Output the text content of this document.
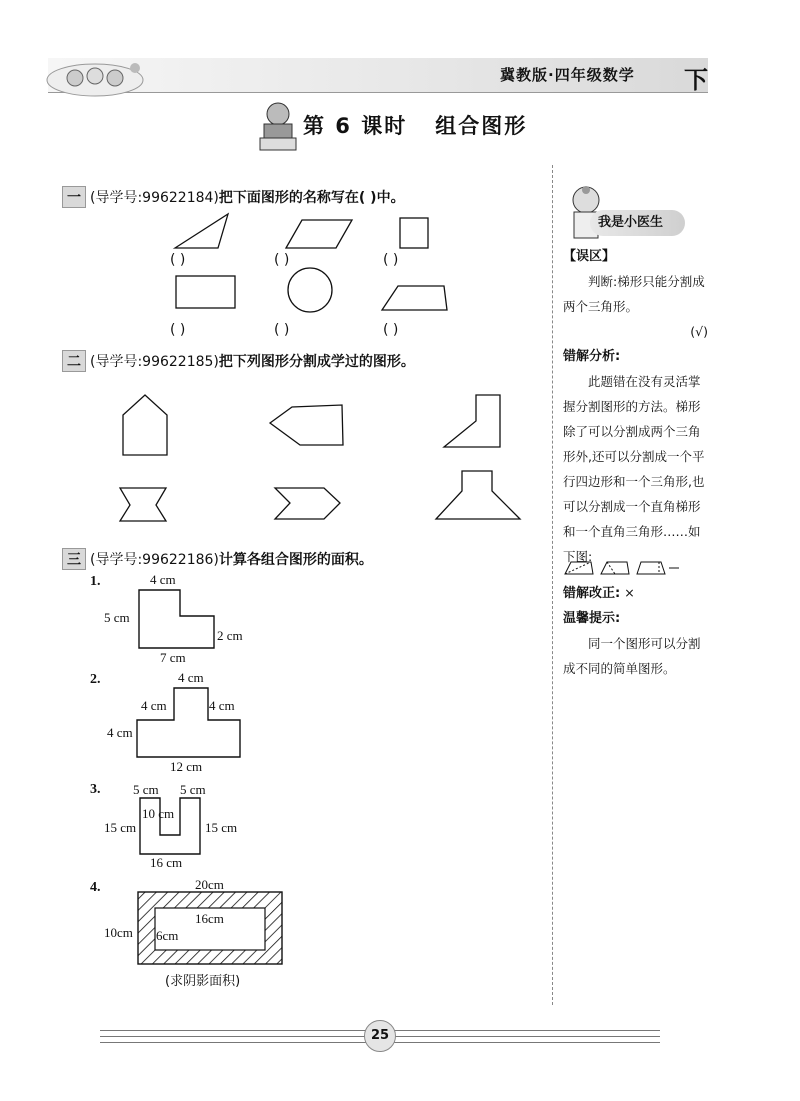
冀教版·四年级数学 下
第 6 课时 组合图形
一 (导学号:99622184)把下面图形的名称写在( )中。
( )	( )	( )
( )	( )	( )
二 (导学号:99622185)把下列图形分割成学过的图形。
三 (导学号:99622186)计算各组合图形的面积。
1.	4 cm
5 cm
2 cm
7 cm
2.	4 cm
4 cm	4 cm
4 cm
12 cm
3.	5 cm 5 cm
10 cm
15 cm	15 cm
16 cm
4.	20cm
16cm
10cm 6cm
(求阴影面积)
我是小医生

【误区】

判断:梯形只能分割成两个三角形。

(√)

错解分析:

此题错在没有灵活掌握分割图形的方法。梯形除了可以分割成两个三角形外,还可以分割成一个平行四边形和一个三角形,也可以分割成一个直角梯形和一个直角三角形……如下图:

错解改正: ×

温馨提示:

同一个图形可以分割成不同的简单图形。

25
